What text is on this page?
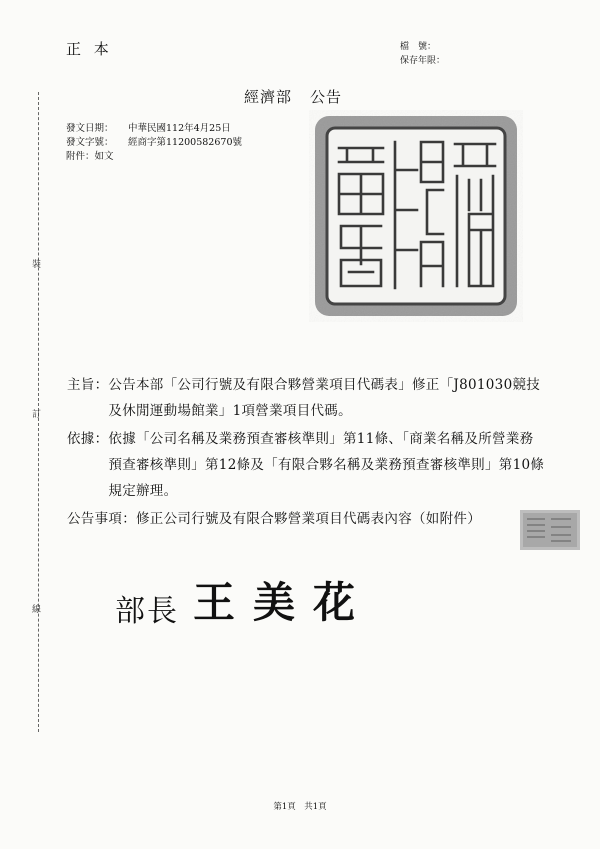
裝
訂
線
正 本	檔　號：
保存年限：
經濟部 公告
發文日期：	中華民國112年4月25日
發文字號：	經商字第11200582670號
附件： 如文
主旨： 公告本部「公司行號及有限合夥營業項目代碼表」修正「J801030競技及休閒運動場館業」1項營業項目代碼。
依據： 依據「公司名稱及業務預查審核準則」第11條、「商業名稱及所營業務預查審核準則」第12條及「有限合夥名稱及業務預查審核準則」第10條規定辦理。
公告事項： 修正公司行號及有限合夥營業項目代碼表內容（如附件）
部長 王美花
第1頁　共1頁
